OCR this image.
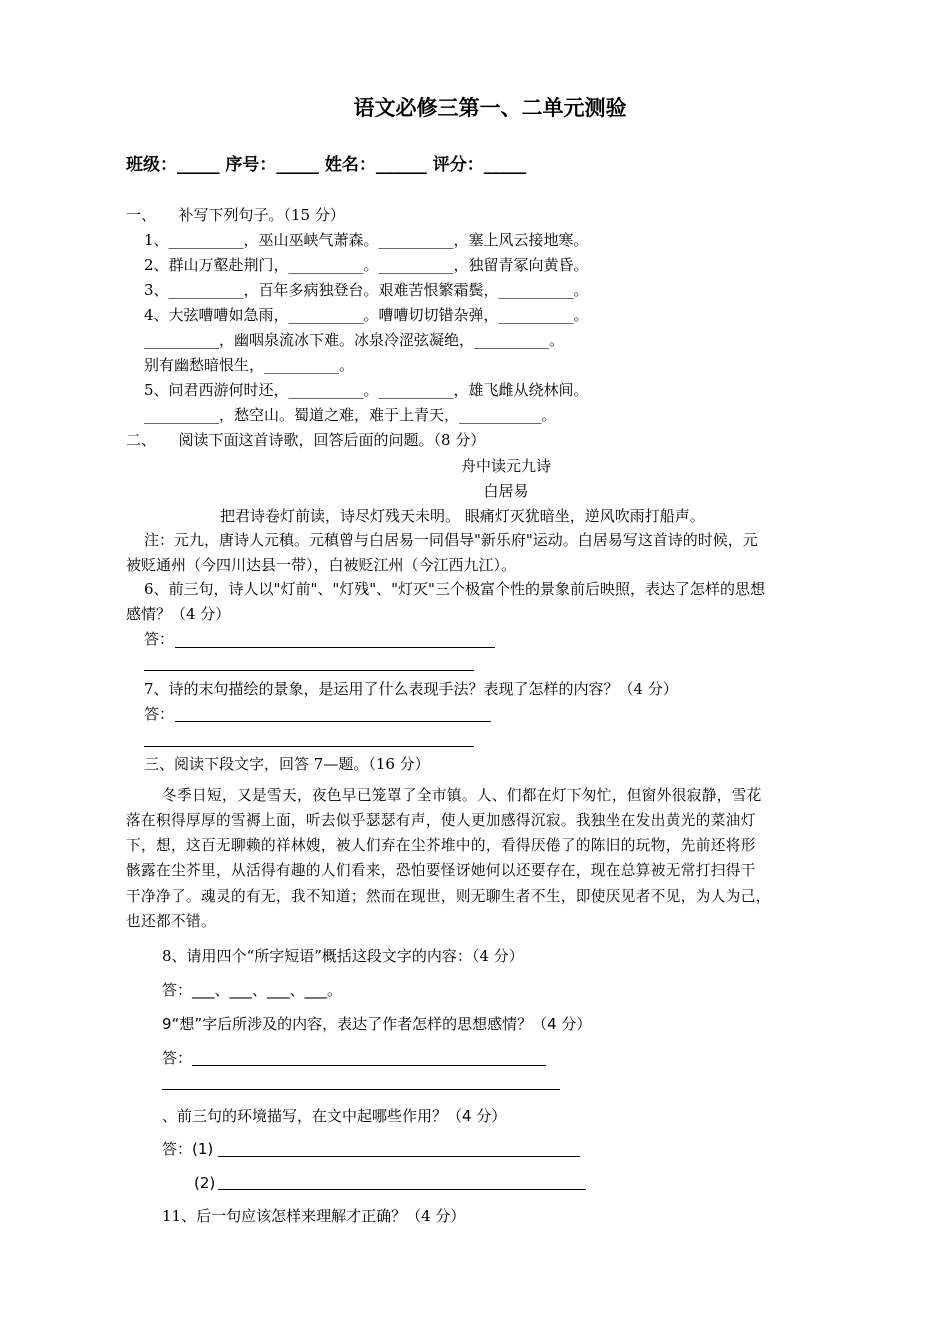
语文必修三第一、二单元测验
班级：_____ 序号：_____ 姓名：______ 评分：_____
一、　　补写下列句子。（15 分）
1、__________，巫山巫峡气萧森。__________，塞上风云接地寒。
2、群山万壑赴荆门，__________。__________，独留青冢向黄昏。
3、__________，百年多病独登台。艰难苦恨繁霜鬓，__________。
4、大弦嘈嘈如急雨，__________。嘈嘈切切错杂弹，__________。
__________，幽咽泉流冰下难。冰泉冷涩弦凝绝，__________。
别有幽愁暗恨生，__________。
5、问君西游何时还，__________。__________，雄飞雌从绕林间。
__________，愁空山。蜀道之难，难于上青天，___________。
二、　　阅读下面这首诗歌，回答后面的问题。（8 分）
舟中读元九诗
白居易
把君诗卷灯前读，诗尽灯残天未明。 眼痛灯灭犹暗坐，逆风吹雨打船声。
注：元九，唐诗人元稹。元稹曾与白居易一同倡导"新乐府"运动。白居易写这首诗的时候，元
被贬通州（今四川达县一带），白被贬江州（今江西九江）。
6、前三句，诗人以"灯前"、"灯残"、"灯灭"三个极富个性的景象前后映照，表达了怎样的思想
感情？（4 分）
答：
7、诗的末句描绘的景象，是运用了什么表现手法？表现了怎样的内容？（4 分）
答：
三、阅读下段文字，回答 7—题。（16 分）
冬季日短，又是雪天，夜色早已笼罩了全市镇。人、们都在灯下匆忙，但窗外很寂静，雪花
落在积得厚厚的雪褥上面，听去似乎瑟瑟有声，使人更加感得沉寂。我独坐在发出黄光的菜油灯
下，想，这百无聊赖的祥林嫂，被人们弃在尘芥堆中的，看得厌倦了的陈旧的玩物，先前还将形
骸露在尘芥里，从活得有趣的人们看来，恐怕要怪讶她何以还要存在，现在总算被无常打扫得干
干净净了。魂灵的有无，我不知道；然而在现世，则无聊生者不生，即使厌见者不见，为人为己，
也还都不错。
8、请用四个“所字短语”概括这段文字的内容：（4 分）
答：___、___、___、___。
9“想”字后所涉及的内容，表达了作者怎样的思想感情？（4 分）
答：
、前三句的环境描写，在文中起哪些作用？（4 分）
答：(1)
(2)
11、后一句应该怎样来理解才正确？（4 分）
